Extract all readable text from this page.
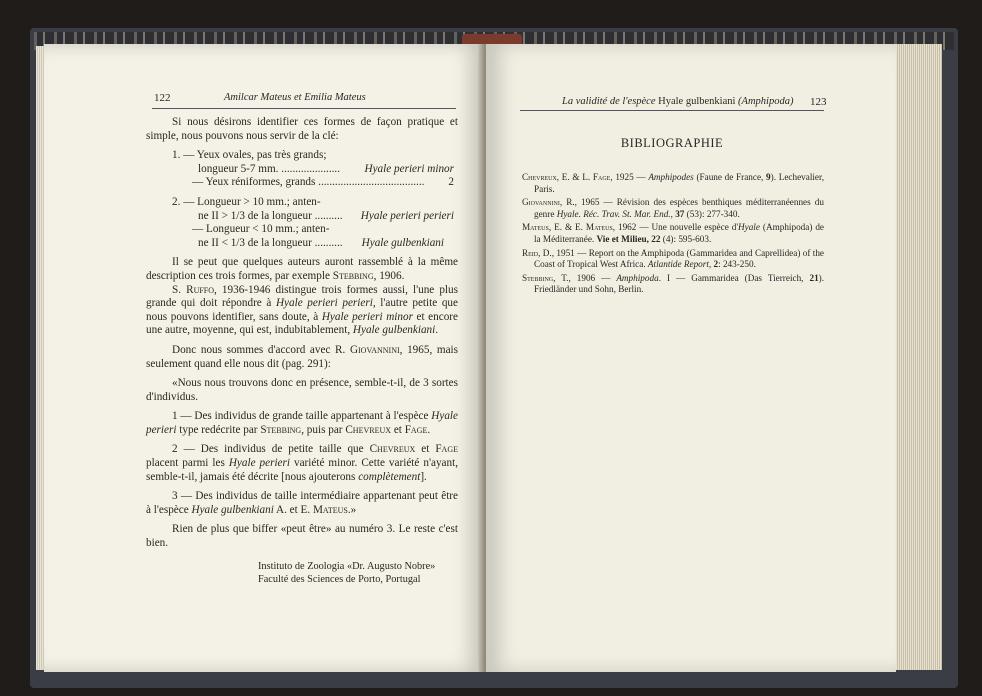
122	Amilcar Mateus et Emilia Mateus

Si nous désirons identifier ces formes de façon pratique et simple, nous pouvons nous servir de la clé:

1. — Yeux ovales, pas très grands;
longueur 5-7 mm. ..................... Hyale perieri minor
— Yeux réniformes, grands ...................................... 2
2. — Longueur > 10 mm.; anten-
ne II > 1/3 de la longueur .......... Hyale perieri perieri
— Longueur < 10 mm.; anten-
ne II < 1/3 de la longueur .......... Hyale gulbenkiani

Il se peut que quelques auteurs auront rassemblé à la même description ces trois formes, par exemple Stebbing, 1906.

S. Ruffo, 1936-1946 distingue trois formes aussi, l'une plus grande qui doit répondre à Hyale perieri perieri, l'autre petite que nous pouvons identifier, sans doute, à Hyale perieri minor et encore une autre, moyenne, qui est, indubitablement, Hyale gulbenkiani.

Donc nous sommes d'accord avec R. Giovannini, 1965, mais seulement quand elle nous dit (pag. 291):

«Nous nous trouvons donc en présence, semble-t-il, de 3 sortes d'individus.

1 — Des individus de grande taille appartenant à l'espèce Hyale perieri type redécrite par Stebbing, puis par Chevreux et Fage.

2 — Des individus de petite taille que Chevreux et Fage placent parmi les Hyale perieri variété minor. Cette variété n'ayant, semble-t-il, jamais été décrite [nous ajouterons complètement].

3 — Des individus de taille intermédiaire appartenant peut être à l'espèce Hyale gulbenkiani A. et E. Mateus.»

Rien de plus que biffer «peut être» au numéro 3. Le reste c'est bien.

Instituto de Zoologia «Dr. Augusto Nobre»
Faculté des Sciences de Porto, Portugal
La validité de l'espèce Hyale gulbenkiani (Amphipoda) 123
BIBLIOGRAPHIE

Chevreux, E. & L. Fage, 1925 — Amphipodes (Faune de France, 9). Lechevalier, Paris.

Giovannini, R., 1965 — Révision des espèces benthiques méditerranéennes du genre Hyale. Réc. Trav. St. Mar. End., 37 (53): 277-340.

Mateus, E. & E. Mateus, 1962 — Une nouvelle espèce d'Hyale (Amphipoda) de la Méditerranée. Vie et Milieu, 22 (4): 595-603.

Reid, D., 1951 — Report on the Amphipoda (Gammaridea and Caprellidea) of the Coast of Tropical West Africa. Atlantide Report, 2: 243-250.

Stebbing, T., 1906 — Amphipoda. I — Gammaridea (Das Tierreich, 21). Friedländer und Sohn, Berlin.
